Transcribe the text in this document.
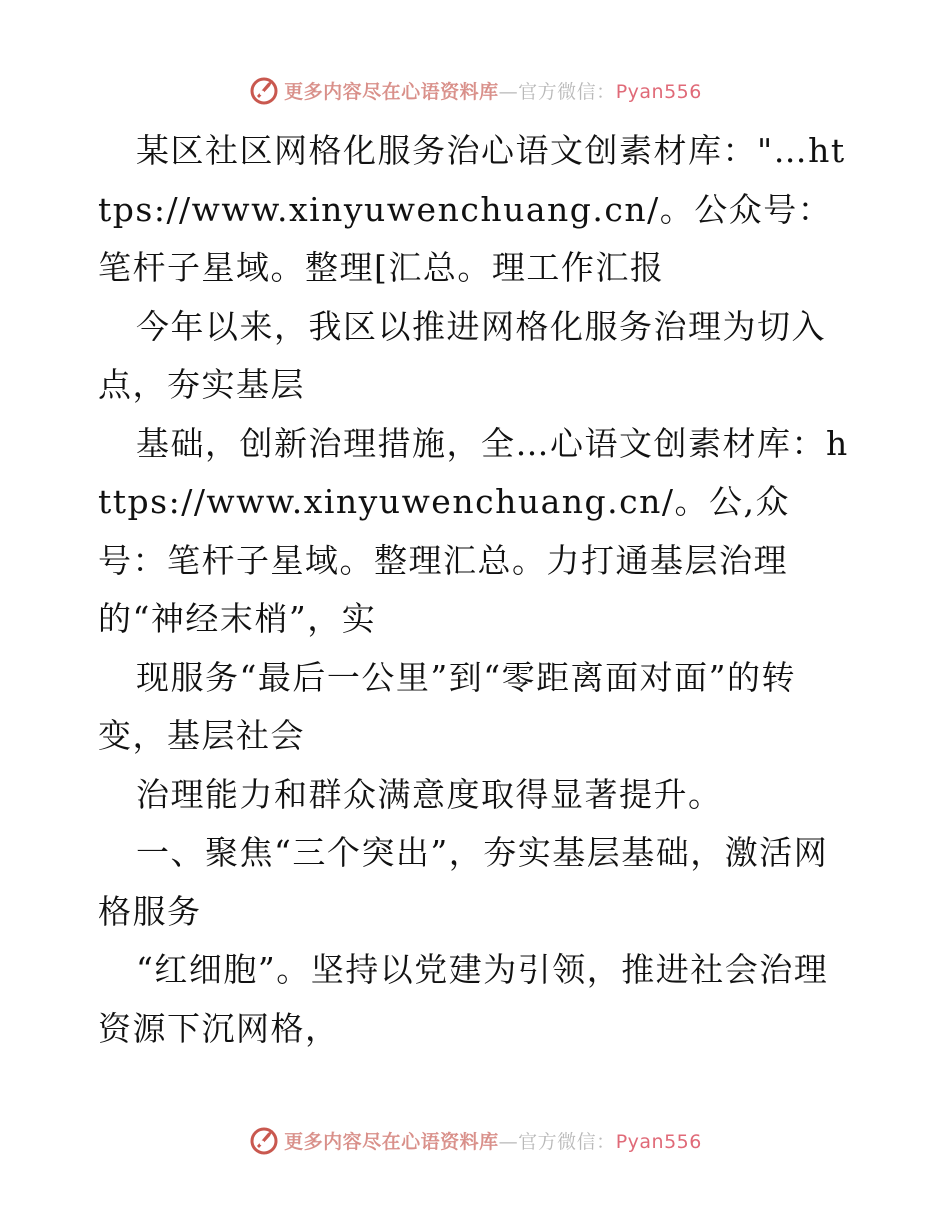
更多内容尽在心语资料库—官方微信：Pyan556

某区社区网格化服务治心语文创素材库："…https://www.xinyuwenchuang.cn/。公众号：笔杆子星域。整理[汇总。理工作汇报

今年以来，我区以推进网格化服务治理为切入点，夯实基层

基础，创新治理措施，全…心语文创素材库：https://www.xinyuwenchuang.cn/。公,众号：笔杆子星域。整理汇总。力打通基层治理的“神经末梢”，实

现服务“最后一公里”到“零距离面对面”的转变，基层社会

治理能力和群众满意度取得显著提升。

一、聚焦“三个突出”，夯实基层基础，激活网格服务

“红细胞”。坚持以党建为引领，推进社会治理资源下沉网格，

更多内容尽在心语资料库—官方微信：Pyan556
